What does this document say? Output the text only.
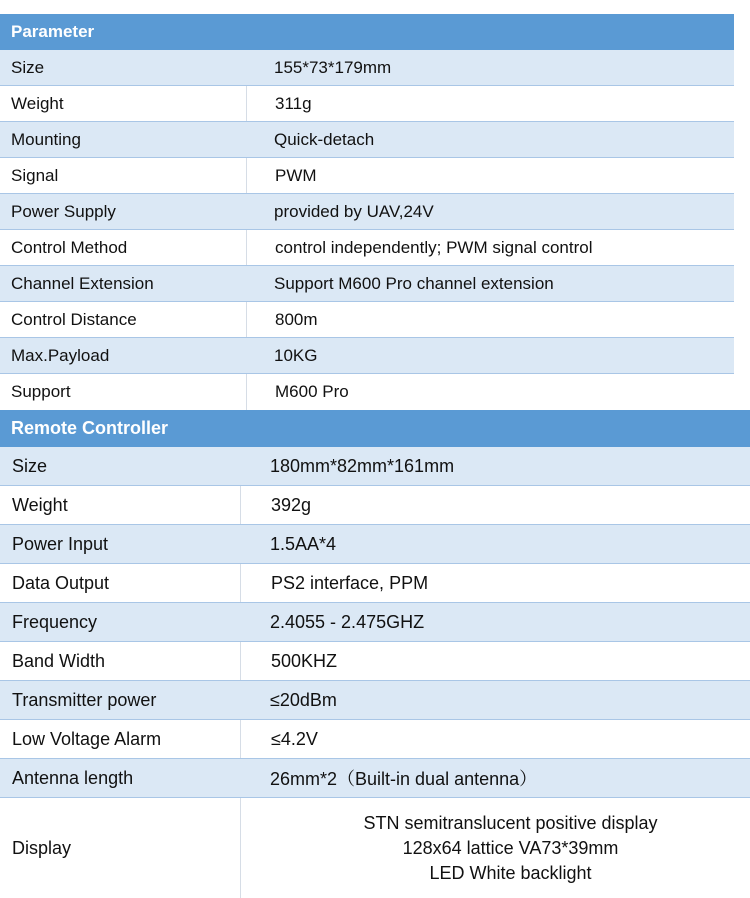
Parameter
Size	155*73*179mm
Weight	311g
Mounting	Quick-detach
Signal	PWM
Power Supply	provided by UAV,24V
Control Method	control independently; PWM signal control
Channel Extension	Support M600 Pro channel extension
Control Distance	800m
Max.Payload	10KG
Support	M600 Pro
Remote Controller
Size	180mm*82mm*161mm
Weight	392g
Power Input	1.5AA*4
Data Output	PS2 interface, PPM
Frequency	2.4055 - 2.475GHZ
Band Width	500KHZ
Transmitter power	≤20dBm
Low Voltage Alarm	≤4.2V
Antenna length	26mm*2（Built-in dual antenna）
Display
STN semitranslucent positive display
128x64 lattice VA73*39mm
LED White backlight
